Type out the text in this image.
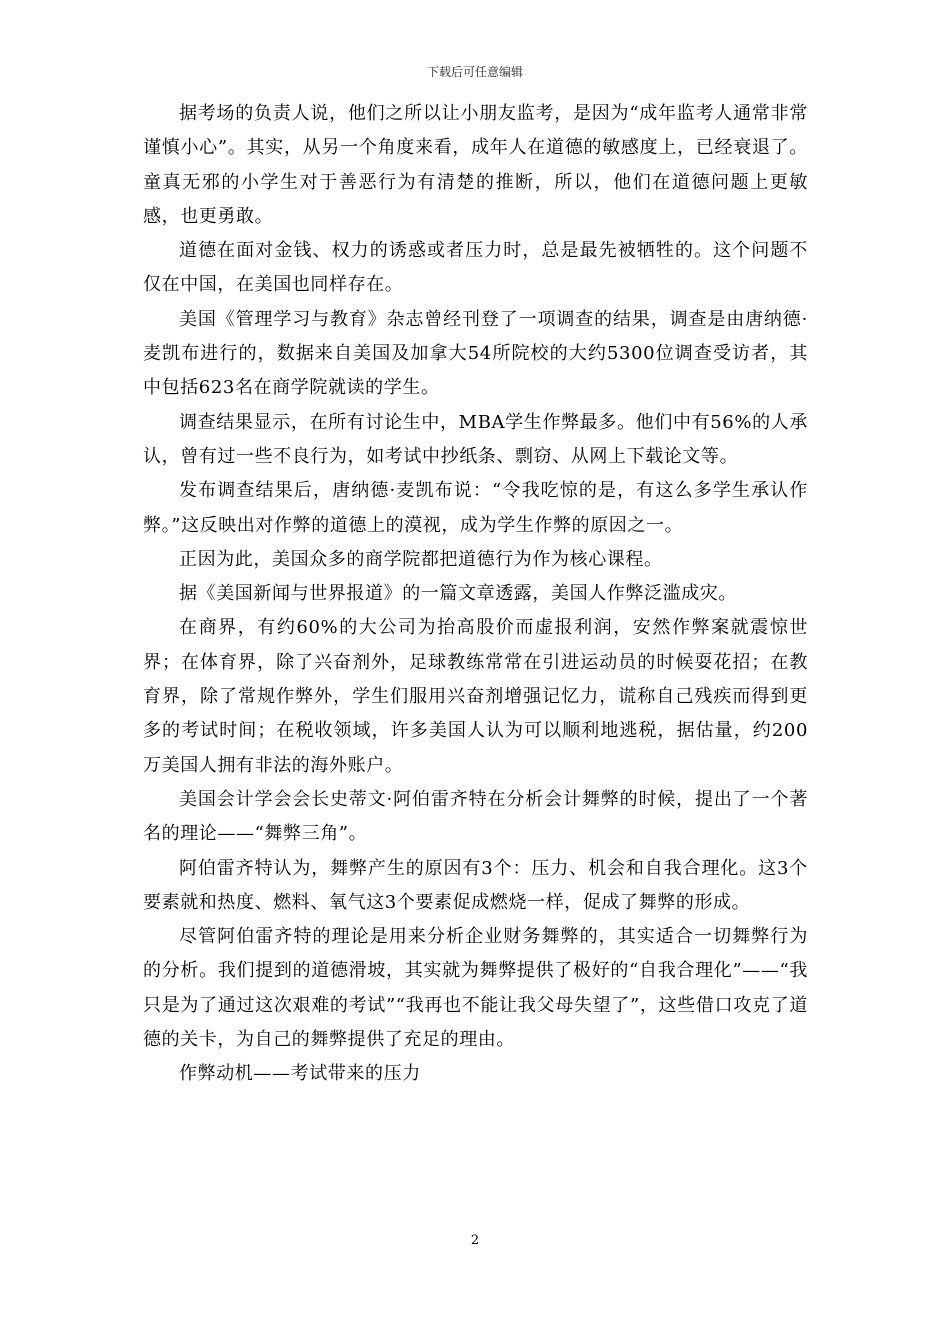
下载后可任意编辑

据考场的负责人说，他们之所以让小朋友监考，是因为“成年监考人通常非常谨慎小心”。其实，从另一个角度来看，成年人在道德的敏感度上，已经衰退了。童真无邪的小学生对于善恶行为有清楚的推断，所以，他们在道德问题上更敏感，也更勇敢。

道德在面对金钱、权力的诱惑或者压力时，总是最先被牺牲的。这个问题不仅在中国，在美国也同样存在。

美国《管理学习与教育》杂志曾经刊登了一项调查的结果，调查是由唐纳德·麦凯布进行的，数据来自美国及加拿大54所院校的大约5300位调查受访者，其中包括623名在商学院就读的学生。

调查结果显示，在所有讨论生中，MBA学生作弊最多。他们中有56%的人承认，曾有过一些不良行为，如考试中抄纸条、剽窃、从网上下载论文等。

发布调查结果后，唐纳德·麦凯布说：“令我吃惊的是，有这么多学生承认作弊。”这反映出对作弊的道德上的漠视，成为学生作弊的原因之一。

正因为此，美国众多的商学院都把道德行为作为核心课程。

据《美国新闻与世界报道》的一篇文章透露，美国人作弊泛滥成灾。

在商界，有约60%的大公司为抬高股价而虚报利润，安然作弊案就震惊世界；在体育界，除了兴奋剂外，足球教练常常在引进运动员的时候耍花招；在教育界，除了常规作弊外，学生们服用兴奋剂增强记忆力，谎称自己残疾而得到更多的考试时间；在税收领域，许多美国人认为可以顺利地逃税，据估量，约200万美国人拥有非法的海外账户。

美国会计学会会长史蒂文·阿伯雷齐特在分析会计舞弊的时候，提出了一个著名的理论——“舞弊三角”。

阿伯雷齐特认为，舞弊产生的原因有3个：压力、机会和自我合理化。这3个要素就和热度、燃料、氧气这3个要素促成燃烧一样，促成了舞弊的形成。

尽管阿伯雷齐特的理论是用来分析企业财务舞弊的，其实适合一切舞弊行为的分析。我们提到的道德滑坡，其实就为舞弊提供了极好的“自我合理化”——“我只是为了通过这次艰难的考试”“我再也不能让我父母失望了”，这些借口攻克了道德的关卡，为自己的舞弊提供了充足的理由。

作弊动机——考试带来的压力

2
